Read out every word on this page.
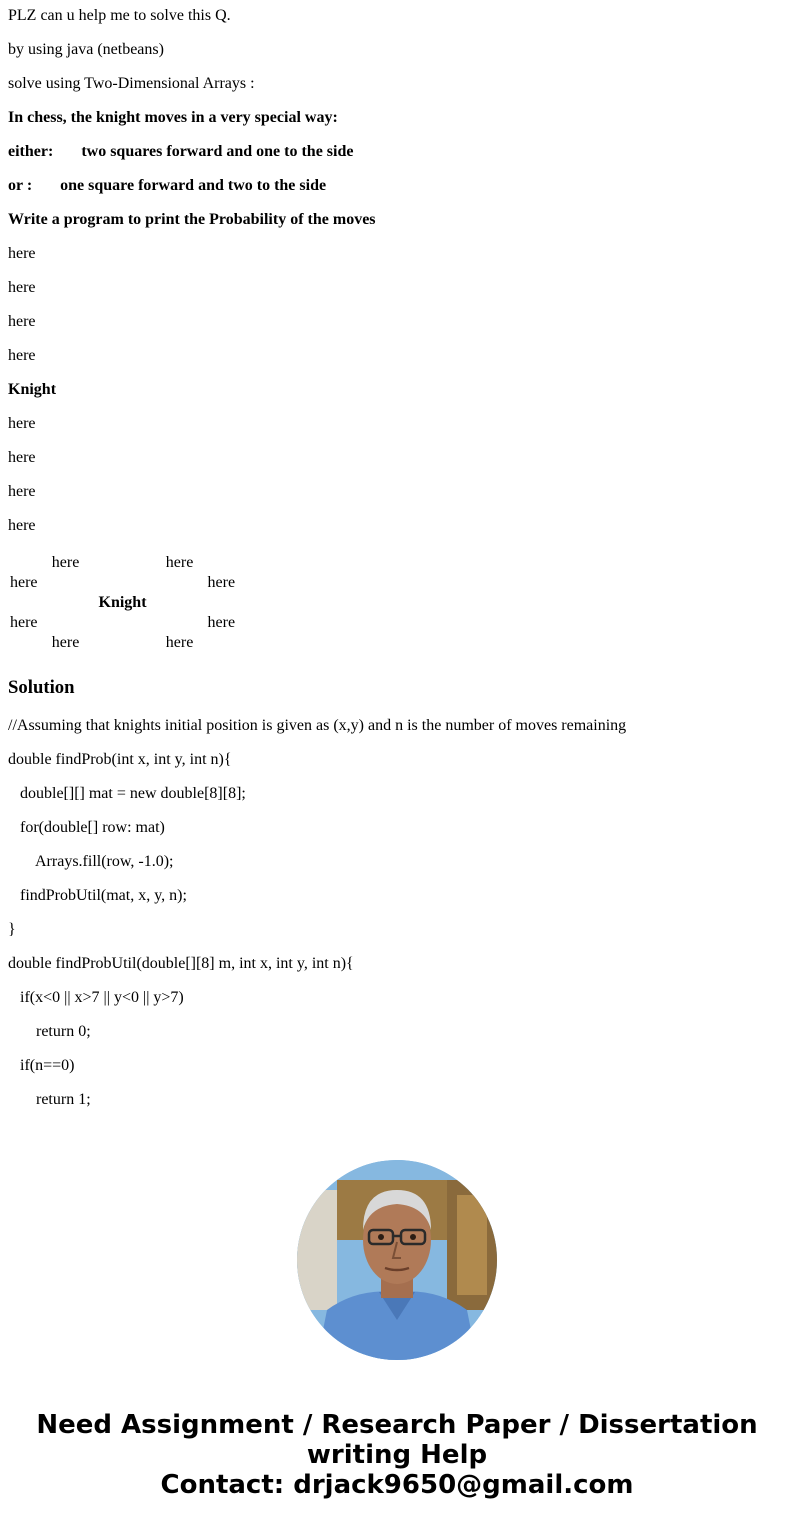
PLZ can u help me to solve this Q.

by using java (netbeans)

solve using Two-Dimensional Arrays :

In chess, the knight moves in a very special way:

either: two squares forward and one to the side

or : one square forward and two to the side

Write a program to print the Probability of the moves

here

here

here

here

Knight

here

here

here

here

	here		here	
here				here
		Knight		
here				here
	here		here	
Solution

//Assuming that knights initial position is given as (x,y) and n is the number of moves remaining

double findProb(int x, int y, int n){

double[][] mat = new double[8][8];

for(double[] row: mat)

Arrays.fill(row, -1.0);

findProbUtil(mat, x, y, n);

}

double findProbUtil(double[][8] m, int x, int y, int n){

if(x<0 || x>7 || y<0 || y>7)

return 0;

if(n==0)

return 1;

Need Assignment / Research Paper / Dissertation
writing Help
Contact: drjack9650@gmail.com
